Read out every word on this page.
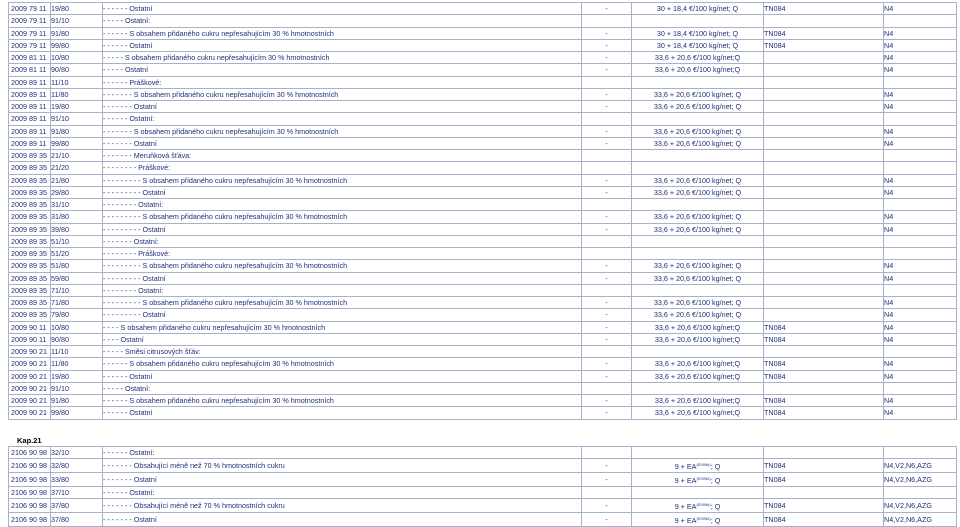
2009 79 11	19/80	- - - - - - Ostatní	-	30 + 18,4 €/100 kg/net; Q	TN084	N4
2009 79 11	91/10	- - - - - Ostatní:				
2009 79 11	91/80	- - - - - - S obsahem přidaného cukru nepřesahujícím 30 % hmotnostních	-	30 + 18,4 €/100 kg/net; Q	TN084	N4
2009 79 11	99/80	- - - - - - Ostatní	-	30 + 18,4 €/100 kg/net; Q	TN084	N4
2009 81 11	10/80	- - - - - S obsahem přidaného cukru nepřesahujícím 30 % hmotnostních	-	33,6 + 20,6 €/100 kg/net;Q		N4
2009 81 11	90/80	- - - - - Ostatní	-	33,6 + 20,6 €/100 kg/net;Q		N4
2009 89 11	11/10	- - - - - - Práškové:				
2009 89 11	11/80	- - - - - - - S obsahem přidaného cukru nepřesahujícím 30 % hmotnostních	-	33,6 + 20,6 €/100 kg/net; Q		N4
2009 89 11	19/80	- - - - - - - Ostatní	-	33,6 + 20,6 €/100 kg/net; Q		N4
2009 89 11	91/10	- - - - - - Ostatní:				
2009 89 11	91/80	- - - - - - - S obsahem přidaného cukru nepřesahujícím 30 % hmotnostních	-	33,6 + 20,6 €/100 kg/net; Q		N4
2009 89 11	99/80	- - - - - - - Ostatní	-	33,6 + 20,6 €/100 kg/net; Q		N4
2009 89 35	21/10	- - - - - - - Meruňková šťáva:				
2009 89 35	21/20	- - - - - - - - Práškové:				
2009 89 35	21/80	- - - - - - - - - S obsahem přidaného cukru nepřesahujícím 30 % hmotnostních	-	33,6 + 20,6 €/100 kg/net; Q		N4
2009 89 35	29/80	- - - - - - - - - Ostatní	-	33,6 + 20,6 €/100 kg/net; Q		N4
2009 89 35	31/10	- - - - - - - - Ostatní:				
2009 89 35	31/80	- - - - - - - - - S obsahem přidaného cukru nepřesahujícím 30 % hmotnostních	-	33,6 + 20,6 €/100 kg/net; Q		N4
2009 89 35	39/80	- - - - - - - - - Ostatní	-	33,6 + 20,6 €/100 kg/net; Q		N4
2009 89 35	51/10	- - - - - - - Ostatní:				
2009 89 35	51/20	- - - - - - - - Práškové:				
2009 89 35	51/80	- - - - - - - - - S obsahem přidaného cukru nepřesahujícím 30 % hmotnostních	-	33,6 + 20,6 €/100 kg/net; Q		N4
2009 89 35	59/80	- - - - - - - - - Ostatní	-	33,6 + 20,6 €/100 kg/net; Q		N4
2009 89 35	71/10	- - - - - - - - Ostatní:				
2009 89 35	71/80	- - - - - - - - - S obsahem přidaného cukru nepřesahujícím 30 % hmotnostních	-	33,6 + 20,6 €/100 kg/net; Q		N4
2009 89 35	79/80	- - - - - - - - - Ostatní	-	33,6 + 20,6 €/100 kg/net; Q		N4
2009 90 11	10/80	- - - - S obsahem přidaného cukru nepřesahujícím 30 % hmotnostních	-	33,6 + 20,6 €/100 kg/net;Q	TN084	N4
2009 90 11	90/80	- - - - Ostatní	-	33,6 + 20,6 €/100 kg/net;Q	TN084	N4
2009 90 21	11/10	- - - - - Směsi citrusových šťáv:				
2009 90 21	11/80	- - - - - - S obsahem přidaného cukru nepřesahujícím 30 % hmotnostních	-	33,6 + 20,6 €/100 kg/net;Q	TN084	N4
2009 90 21	19/80	- - - - - - Ostatní	-	33,6 + 20,6 €/100 kg/net;Q	TN084	N4
2009 90 21	91/10	- - - - - Ostatní:				
2009 90 21	91/80	- - - - - - S obsahem přidaného cukru nepřesahujícím 30 % hmotnostních	-	33,6 + 20,6 €/100 kg/net;Q	TN084	N4
2009 90 21	99/80	- - - - - - Ostatní	-	33,6 + 20,6 €/100 kg/net;Q	TN084	N4
Kap.21
2106 90 98	32/10	- - - - - - Ostatní:				
2106 90 98	32/80	- - - - - - - Obsahující méně než 70 % hmotnostních cukru	-	$9 + EA^{(E009\#)}$; Q	TN084	N4,V2,N6,AZG
2106 90 98	33/80	- - - - - - - Ostatní	-	$9 + EA^{(E009\#)}$; Q	TN084	N4,V2,N6,AZG
2106 90 98	37/10	- - - - - - Ostatní:				
2106 90 98	37/80	- - - - - - - Obsahující méně než 70 % hmotnostních cukru	-	$9 + EA^{(E009\#)}$; Q	TN084	N4,V2,N6,AZG
2106 90 98	37/80	- - - - - - - Ostatní	-	$9 + EA^{(E009\#)}$; Q	TN084	N4,V2,N6,AZG
